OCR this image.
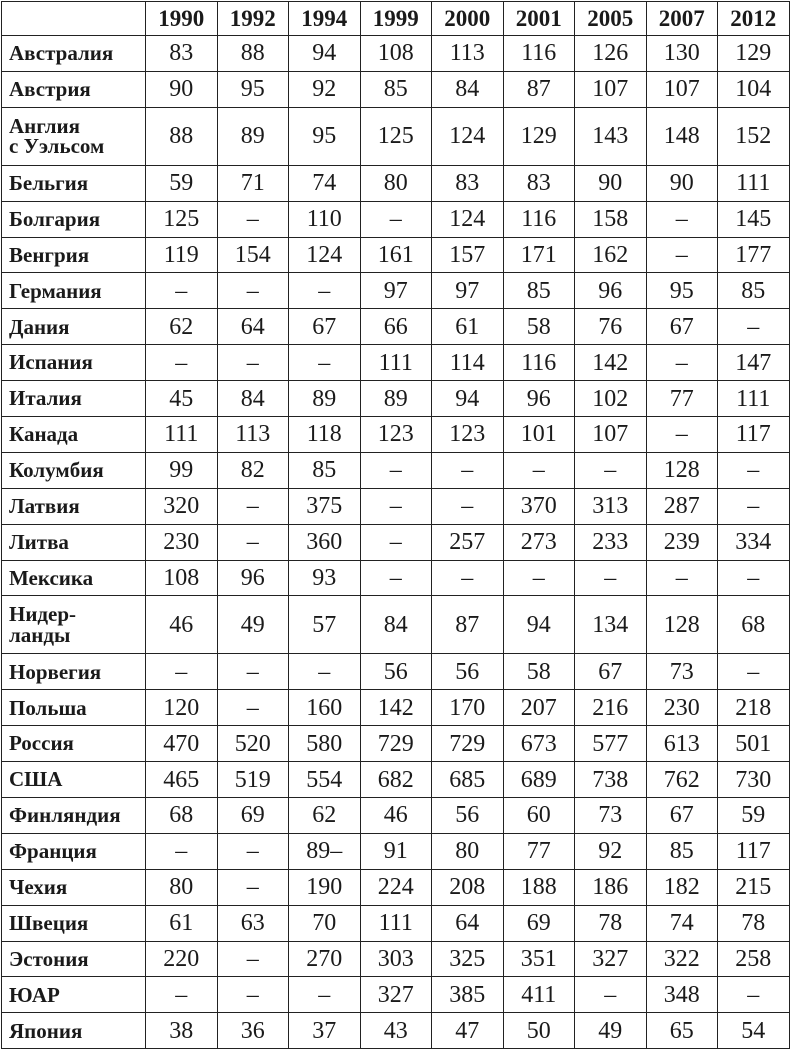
	1990	1992	1994	1999	2000	2001	2005	2007	2012
Австралия	83	88	94	108	113	116	126	130	129
Австрия	90	95	92	85	84	87	107	107	104
Англия
с Уэльсом	88	89	95	125	124	129	143	148	152
Бельгия	59	71	74	80	83	83	90	90	111
Болгария	125	–	110	–	124	116	158	–	145
Венгрия	119	154	124	161	157	171	162	–	177
Германия	–	–	–	97	97	85	96	95	85
Дания	62	64	67	66	61	58	76	67	–
Испания	–	–	–	111	114	116	142	–	147
Италия	45	84	89	89	94	96	102	77	111
Канада	111	113	118	123	123	101	107	–	117
Колумбия	99	82	85	–	–	–	–	128	–
Латвия	320	–	375	–	–	370	313	287	–
Литва	230	–	360	–	257	273	233	239	334
Мексика	108	96	93	–	–	–	–	–	–
Нидер-
ланды	46	49	57	84	87	94	134	128	68
Норвегия	–	–	–	56	56	58	67	73	–
Польша	120	–	160	142	170	207	216	230	218
Россия	470	520	580	729	729	673	577	613	501
США	465	519	554	682	685	689	738	762	730
Финляндия	68	69	62	46	56	60	73	67	59
Франция	–	–	89–	91	80	77	92	85	117
Чехия	80	–	190	224	208	188	186	182	215
Швеция	61	63	70	111	64	69	78	74	78
Эстония	220	–	270	303	325	351	327	322	258
ЮАР	–	–	–	327	385	411	–	348	–
Япония	38	36	37	43	47	50	49	65	54
